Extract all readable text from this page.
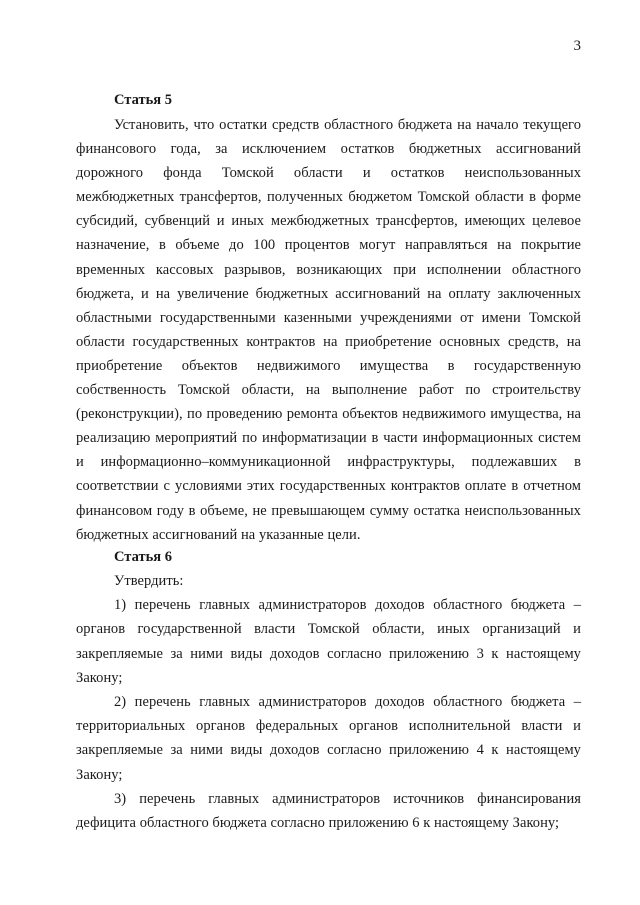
3
Статья 5

Установить, что остатки средств областного бюджета на начало текущего финансового года, за исключением остатков бюджетных ассигнований дорожного фонда Томской области и остатков неиспользованных межбюджетных трансфертов, полученных бюджетом Томской области в форме субсидий, субвенций и иных межбюджетных трансфертов, имеющих целевое назначение, в объеме до 100 процентов могут направляться на покрытие временных кассовых разрывов, возникающих при исполнении областного бюджета, и на увеличение бюджетных ассигнований на оплату заключенных областными государственными казенными учреждениями от имени Томской области государственных контрактов на приобретение основных средств, на приобретение объектов недвижимого имущества в государственную собственность Томской области, на выполнение работ по строительству (реконструкции), по проведению ремонта объектов недвижимого имущества, на реализацию мероприятий по информатизации в части информационных систем и информационно–коммуникационной инфраструктуры, подлежавших в соответствии с условиями этих государственных контрактов оплате в отчетном финансовом году в объеме, не превышающем сумму остатка неиспользованных бюджетных ассигнований на указанные цели.

Статья 6

Утвердить:

1) перечень главных администраторов доходов областного бюджета – органов государственной власти Томской области, иных организаций и закрепляемые за ними виды доходов согласно приложению 3 к настоящему Закону;

2) перечень главных администраторов доходов областного бюджета – территориальных органов федеральных органов исполнительной власти и закрепляемые за ними виды доходов согласно приложению 4 к настоящему Закону;

3) перечень главных администраторов источников финансирования дефицита областного бюджета согласно приложению 6 к настоящему Закону;
